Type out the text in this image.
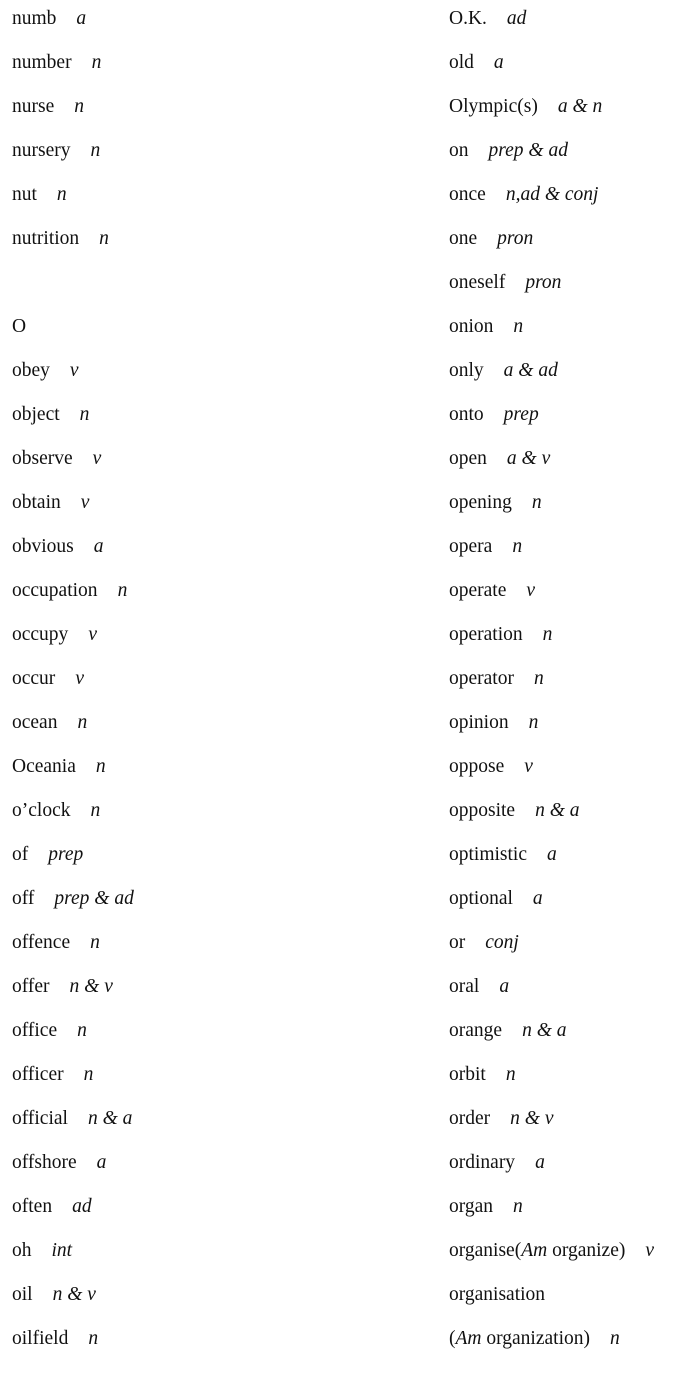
numb a
number n
nurse n
nursery n
nut n
nutrition n
O
obey v
object n
observe v
obtain v
obvious a
occupation n
occupy v
occur v
ocean n
Oceania n
o’clock n
of prep
off prep & ad
offence n
offer n & v
office n
officer n
official n & a
offshore a
often ad
oh int
oil n & v
oilfield n
O.K. ad
old a
Olympic(s) a & n
on prep & ad
once n,ad & conj
one pron
oneself pron
onion n
only a & ad
onto prep
open a & v
opening n
opera n
operate v
operation n
operator n
opinion n
oppose v
opposite n & a
optimistic a
optional a
or conj
oral a
orange n & a
orbit n
order n & v
ordinary a
organ n
organise(Am organize) v
organisation
(Am organization) n
